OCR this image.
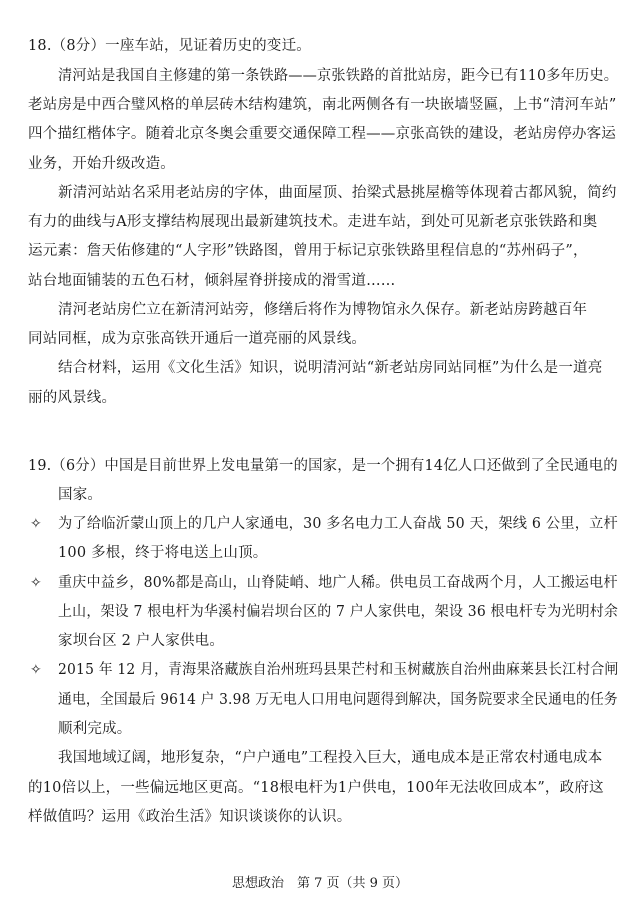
18.（8分）一座车站，见证着历史的变迁。
清河站是我国自主修建的第一条铁路——京张铁路的首批站房，距今已有110多年历史。
老站房是中西合璧风格的单层砖木结构建筑，南北两侧各有一块嵌墙竖匾，上书“清河车站”
四个描红楷体字。随着北京冬奥会重要交通保障工程——京张高铁的建设，老站房停办客运
业务，开始升级改造。
新清河站站名采用老站房的字体，曲面屋顶、抬梁式悬挑屋檐等体现着古都风貌，简约
有力的曲线与A形支撑结构展现出最新建筑技术。走进车站，到处可见新老京张铁路和奥
运元素：詹天佑修建的“人字形”铁路图，曾用于标记京张铁路里程信息的“苏州码子”，
站台地面铺装的五色石材，倾斜屋脊拼接成的滑雪道……
清河老站房伫立在新清河站旁，修缮后将作为博物馆永久保存。新老站房跨越百年
同站同框，成为京张高铁开通后一道亮丽的风景线。
结合材料，运用《文化生活》知识，说明清河站“新老站房同站同框”为什么是一道亮
丽的风景线。
19.（6分）中国是目前世界上发电量第一的国家，是一个拥有14亿人口还做到了全民通电的
国家。
✧ 为了给临沂蒙山顶上的几户人家通电，30 多名电力工人奋战 50 天，架线 6 公里，立杆
100 多根，终于将电送上山顶。
✧ 重庆中益乡，80%都是高山，山脊陡峭、地广人稀。供电员工奋战两个月，人工搬运电杆
上山，架设 7 根电杆为华溪村偏岩坝台区的 7 户人家供电，架设 36 根电杆专为光明村余
家坝台区 2 户人家供电。
✧ 2015 年 12 月，青海果洛藏族自治州班玛县果芒村和玉树藏族自治州曲麻莱县长江村合闸
通电，全国最后 9614 户 3.98 万无电人口用电问题得到解决，国务院要求全民通电的任务
顺利完成。
我国地域辽阔，地形复杂，“户户通电”工程投入巨大，通电成本是正常农村通电成本
的10倍以上，一些偏远地区更高。“18根电杆为1户供电，100年无法收回成本”，政府这
样做值吗？运用《政治生活》知识谈谈你的认识。
思想政治　第 7 页（共 9 页）
